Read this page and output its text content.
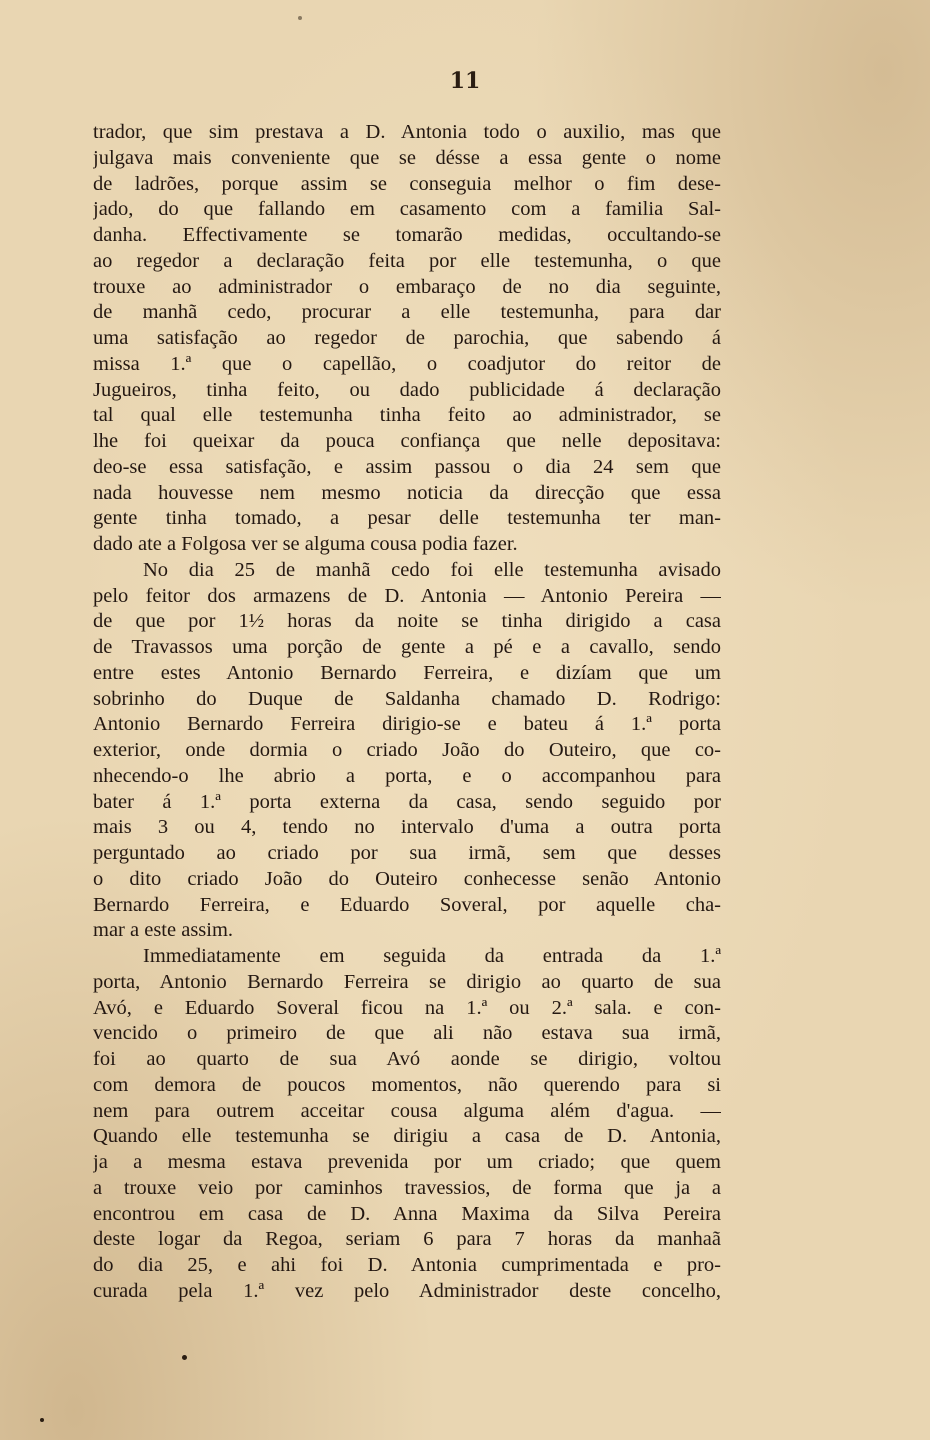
11
trador, que sim prestava a D. Antonia todo o auxilio, mas que
julgava mais conveniente que se désse a essa gente o nome
de ladrões, porque assim se conseguia melhor o fim dese-
jado, do que fallando em casamento com a familia Sal-
danha. Effectivamente se tomarão medidas, occultando-se
ao regedor a declaração feita por elle testemunha, o que
trouxe ao administrador o embaraço de no dia seguinte,
de manhã cedo, procurar a elle testemunha, para dar
uma satisfação ao regedor de parochia, que sabendo á
missa 1.ª que o capellão, o coadjutor do reitor de
Jugueiros, tinha feito, ou dado publicidade á declaração
tal qual elle testemunha tinha feito ao administrador, se
lhe foi queixar da pouca confiança que nelle depositava:
deo-se essa satisfação, e assim passou o dia 24 sem que
nada houvesse nem mesmo noticia da direcção que essa
gente tinha tomado, a pesar delle testemunha ter man-
dado ate a Folgosa ver se alguma cousa podia fazer.
No dia 25 de manhã cedo foi elle testemunha avisado
pelo feitor dos armazens de D. Antonia — Antonio Pereira —
de que por 1½ horas da noite se tinha dirigido a casa
de Travassos uma porção de gente a pé e a cavallo, sendo
entre estes Antonio Bernardo Ferreira, e dizíam que um
sobrinho do Duque de Saldanha chamado D. Rodrigo:
Antonio Bernardo Ferreira dirigio-se e bateu á 1.ª porta
exterior, onde dormia o criado João do Outeiro, que co-
nhecendo-o lhe abrio a porta, e o accompanhou para
bater á 1.ª porta externa da casa, sendo seguido por
mais 3 ou 4, tendo no intervalo d'uma a outra porta
perguntado ao criado por sua irmã, sem que desses
o dito criado João do Outeiro conhecesse senão Antonio
Bernardo Ferreira, e Eduardo Soveral, por aquelle cha-
mar a este assim.
Immediatamente em seguida da entrada da 1.ª
porta, Antonio Bernardo Ferreira se dirigio ao quarto de sua
Avó, e Eduardo Soveral ficou na 1.ª ou 2.ª sala. e con-
vencido o primeiro de que ali não estava sua irmã,
foi ao quarto de sua Avó aonde se dirigio, voltou
com demora de poucos momentos, não querendo para si
nem para outrem acceitar cousa alguma além d'agua. —
Quando elle testemunha se dirigiu a casa de D. Antonia,
ja a mesma estava prevenida por um criado; que quem
a trouxe veio por caminhos travessios, de forma que ja a
encontrou em casa de D. Anna Maxima da Silva Pereira
deste logar da Regoa, seriam 6 para 7 horas da manhaã
do dia 25, e ahi foi D. Antonia cumprimentada e pro-
curada pela 1.ª vez pelo Administrador deste concelho,
